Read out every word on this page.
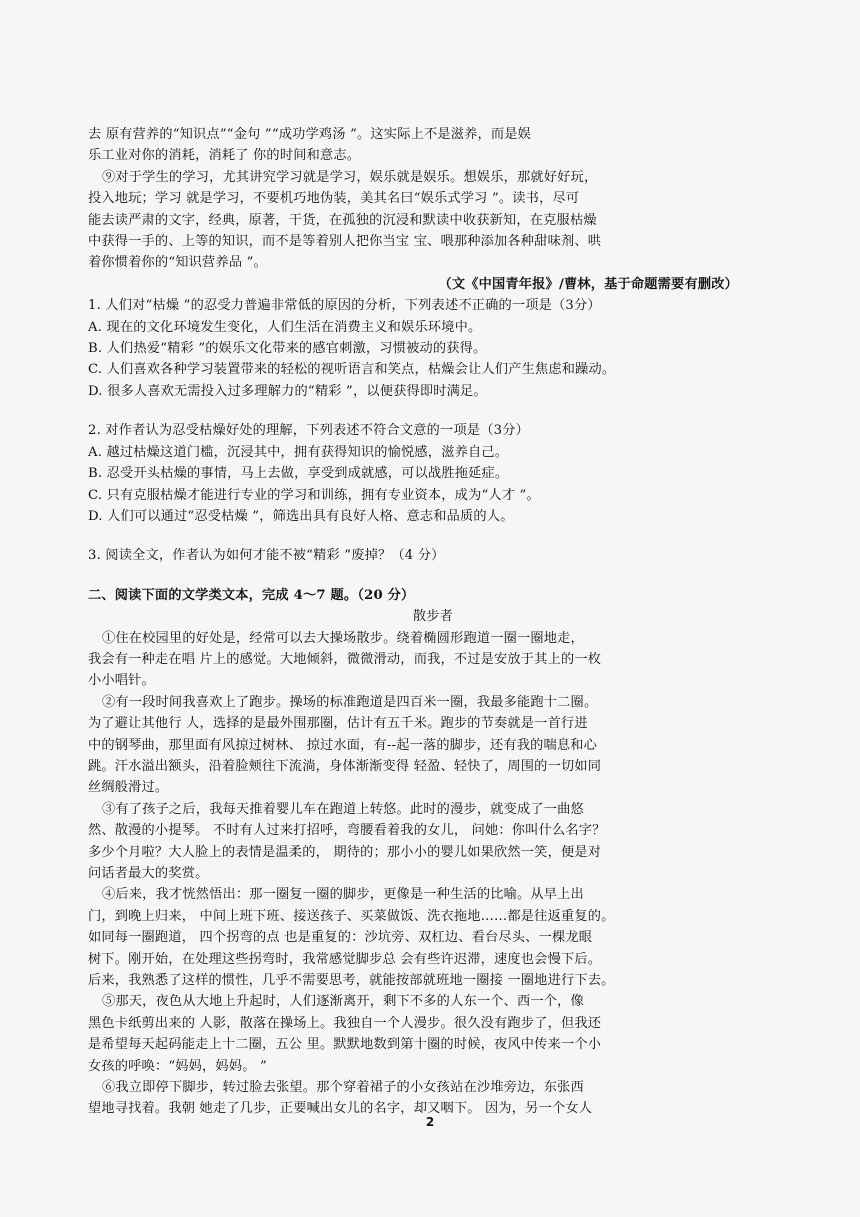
去 原有营养的“知识点”“金句 ”“成功学鸡汤 ”。这实际上不是滋养，而是娱
乐工业对你的消耗，消耗了 你的时间和意志。
⑨对于学生的学习，尤其讲究学习就是学习，娱乐就是娱乐。想娱乐，那就好好玩，
投入地玩；学习 就是学习，不要机巧地伪装，美其名曰“娱乐式学习 ”。读书，尽可
能去读严肃的文字，经典，原著，干货，在孤独的沉浸和默读中收获新知，在克服枯燥
中获得一手的、上等的知识，而不是等着别人把你当宝 宝、喂那种添加各种甜味剂、哄
着你惯着你的“知识营养品 ”。
（文《中国青年报》/曹林，基于命题需要有删改）
1. 人们对“枯燥 ”的忍受力普遍非常低的原因的分析，下列表述不正确的一项是（3分）
A. 现在的文化环境发生变化，人们生活在消费主义和娱乐环境中。
B. 人们热爱“精彩 ”的娱乐文化带来的感官刺激，习惯被动的获得。
C. 人们喜欢各种学习装置带来的轻松的视听语言和笑点，枯燥会让人们产生焦虑和躁动。
D. 很多人喜欢无需投入过多理解力的“精彩 ”，以便获得即时满足。
2. 对作者认为忍受枯燥好处的理解，下列表述不符合文意的一项是（3分）
A. 越过枯燥这道门槛，沉浸其中，拥有获得知识的愉悦感，滋养自己。
B. 忍受开头枯燥的事情，马上去做，享受到成就感，可以战胜拖延症。
C. 只有克服枯燥才能进行专业的学习和训练，拥有专业资本，成为“人才 ”。
D. 人们可以通过“忍受枯燥 ”，筛选出具有良好人格、意志和品质的人。
3. 阅读全文，作者认为如何才能不被“精彩 ”废掉？（4 分）
二、阅读下面的文学类文本，完成 4～7 题。（20 分）
散步者
①住在校园里的好处是，经常可以去大操场散步。绕着椭圆形跑道一圈一圈地走，
我会有一种走在唱 片上的感觉。大地倾斜，微微滑动，而我，不过是安放于其上的一枚
小小唱针。
②有一段时间我喜欢上了跑步。操场的标准跑道是四百米一圈，我最多能跑十二圈。
为了避让其他行 人，选择的是最外围那圈，估计有五千米。跑步的节奏就是一首行进
中的钢琴曲，那里面有风掠过树林、 掠过水面，有--起一落的脚步，还有我的喘息和心
跳。汗水溢出额头，沿着脸颊往下流淌，身体渐渐变得 轻盈、轻快了，周围的一切如同
丝绸般滑过。
③有了孩子之后，我每天推着婴儿车在跑道上转悠。此时的漫步，就变成了一曲悠
然、散漫的小提琴。 不时有人过来打招呼，弯腰看着我的女儿， 问她：你叫什么名字？
多少个月啦？大人脸上的表情是温柔的， 期待的；那小小的婴儿如果欣然一笑，便是对
问话者最大的奖赏。
④后来，我才恍然悟出：那一圈复一圈的脚步，更像是一种生活的比喻。从早上出
门，到晚上归来， 中间上班下班、接送孩子、买菜做饭、洗衣拖地……都是往返重复的。
如同每一圈跑道， 四个拐弯的点 也是重复的：沙坑旁、双杠边、看台尽头、一棵龙眼
树下。刚开始，在处理这些拐弯时，我常感觉脚步总 会有些许迟滞，速度也会慢下后。
后来，我熟悉了这样的惯性，几乎不需要思考，就能按部就班地一圈接 一圈地进行下去。
⑤那天，夜色从大地上升起时，人们逐渐离开，剩下不多的人东一个、西一个，像
黑色卡纸剪出来的 人影，散落在操场上。我独自一个人漫步。很久没有跑步了，但我还
是希望每天起码能走上十二圈，五公 里。默默地数到第十圈的时候，夜风中传来一个小
女孩的呼唤：“妈妈，妈妈。 ”
⑥我立即停下脚步，转过脸去张望。那个穿着裙子的小女孩站在沙堆旁边，东张西
望地寻找着。我朝 她走了几步，正要喊出女儿的名字，却又咽下。 因为，另一个女人
2
